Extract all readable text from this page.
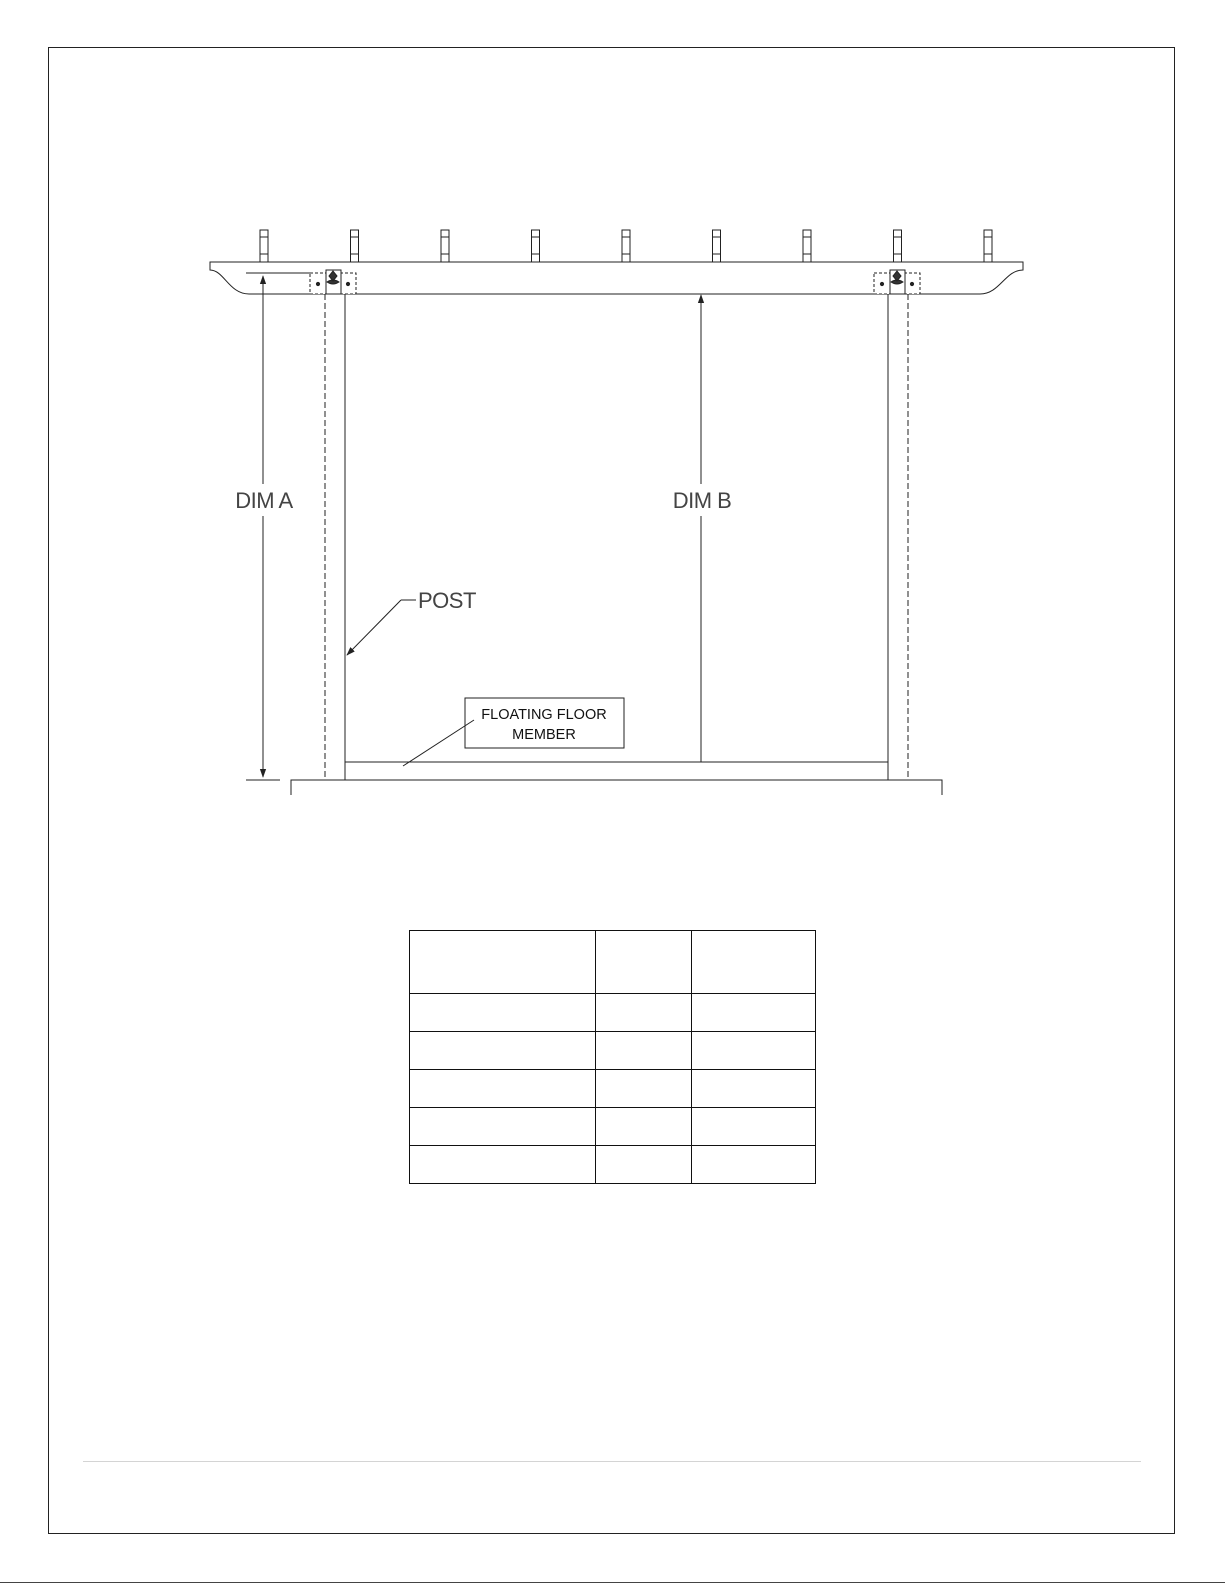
DIM A	DIM B
POST
FLOATING FLOOR
MEMBER
